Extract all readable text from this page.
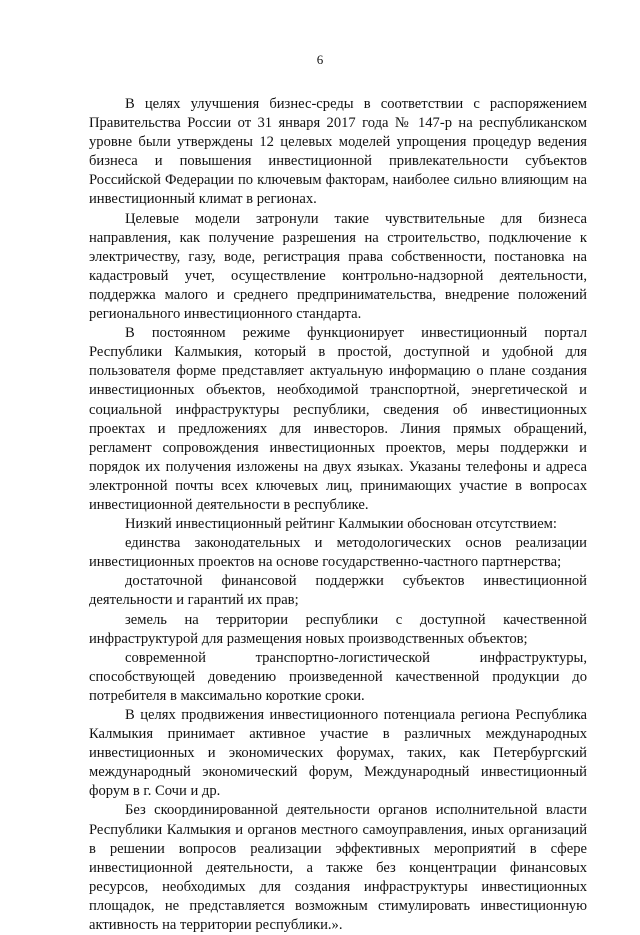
6

В целях улучшения бизнес-среды в соответствии с распоряжением Правительства России от 31 января 2017 года № 147-р на республиканском уровне были утверждены 12 целевых моделей упрощения процедур ведения бизнеса и повышения инвестиционной привлекательности субъектов Российской Федерации по ключевым факторам, наиболее сильно влияющим на инвестиционный климат в регионах.

Целевые модели затронули такие чувствительные для бизнеса направления, как получение разрешения на строительство, подключение к электричеству, газу, воде, регистрация права собственности, постановка на кадастровый учет, осуществление контрольно-надзорной деятельности, поддержка малого и среднего предпринимательства, внедрение положений регионального инвестиционного стандарта.

В постоянном режиме функционирует инвестиционный портал Республики Калмыкия, который в простой, доступной и удобной для пользователя форме представляет актуальную информацию о плане создания инвестиционных объектов, необходимой транспортной, энергетической и социальной инфраструктуры республики, сведения об инвестиционных проектах и предложениях для инвесторов. Линия прямых обращений, регламент сопровождения инвестиционных проектов, меры поддержки и порядок их получения изложены на двух языках. Указаны телефоны и адреса электронной почты всех ключевых лиц, принимающих участие в вопросах инвестиционной деятельности в республике.

Низкий инвестиционный рейтинг Калмыкии обоснован отсутствием:

единства законодательных и методологических основ реализации инвестиционных проектов на основе государственно-частного партнерства;

достаточной финансовой поддержки субъектов инвестиционной деятельности и гарантий их прав;

земель на территории республики с доступной качественной инфраструктурой для размещения новых производственных объектов;

современной транспортно-логистической инфраструктуры, способствующей доведению произведенной качественной продукции до потребителя в максимально короткие сроки.

В целях продвижения инвестиционного потенциала региона Республика Калмыкия принимает активное участие в различных международных инвестиционных и экономических форумах, таких, как Петербургский международный экономический форум, Международный инвестиционный форум в г. Сочи и др.

Без скоординированной деятельности органов исполнительной власти Республики Калмыкия и органов местного самоуправления, иных организаций в решении вопросов реализации эффективных мероприятий в сфере инвестиционной деятельности, а также без концентрации финансовых ресурсов, необходимых для создания инфраструктуры инвестиционных площадок, не представляется возможным стимулировать инвестиционную активность на территории республики.».
